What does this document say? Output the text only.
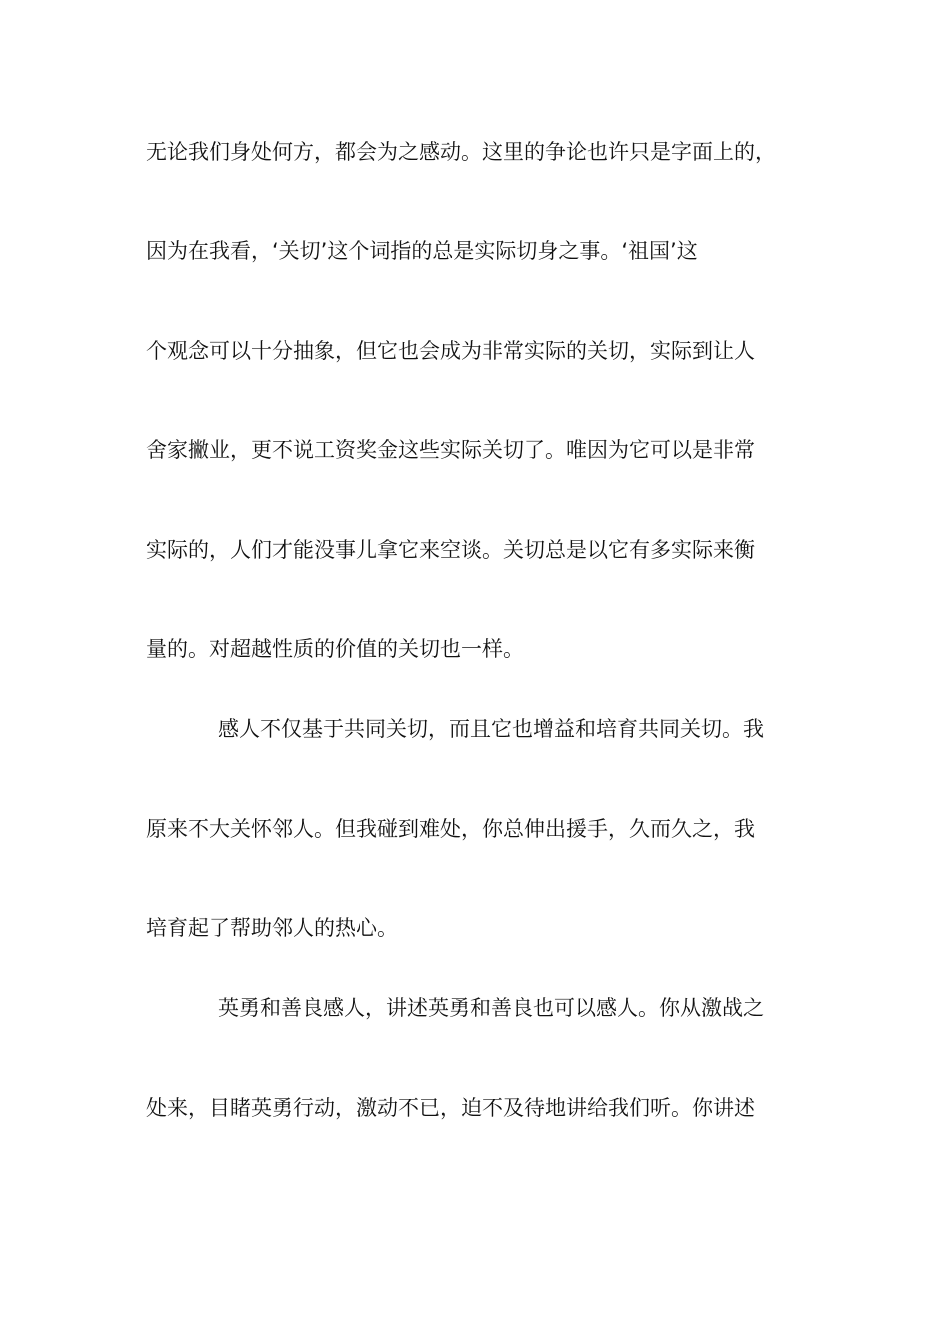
无论我们身处何方，都会为之感动。这里的争论也许只是字面上的，
因为在我看，‘关切’这个词指的总是实际切身之事。‘祖国’这
个观念可以十分抽象，但它也会成为非常实际的关切，实际到让人
舍家撇业，更不说工资奖金这些实际关切了。唯因为它可以是非常
实际的，人们才能没事儿拿它来空谈。关切总是以它有多实际来衡
量的。对超越性质的价值的关切也一样。
感人不仅基于共同关切，而且它也增益和培育共同关切。我
原来不大关怀邻人。但我碰到难处，你总伸出援手，久而久之，我
培育起了帮助邻人的热心。
英勇和善良感人，讲述英勇和善良也可以感人。你从激战之
处来，目睹英勇行动，激动不已，迫不及待地讲给我们听。你讲述
